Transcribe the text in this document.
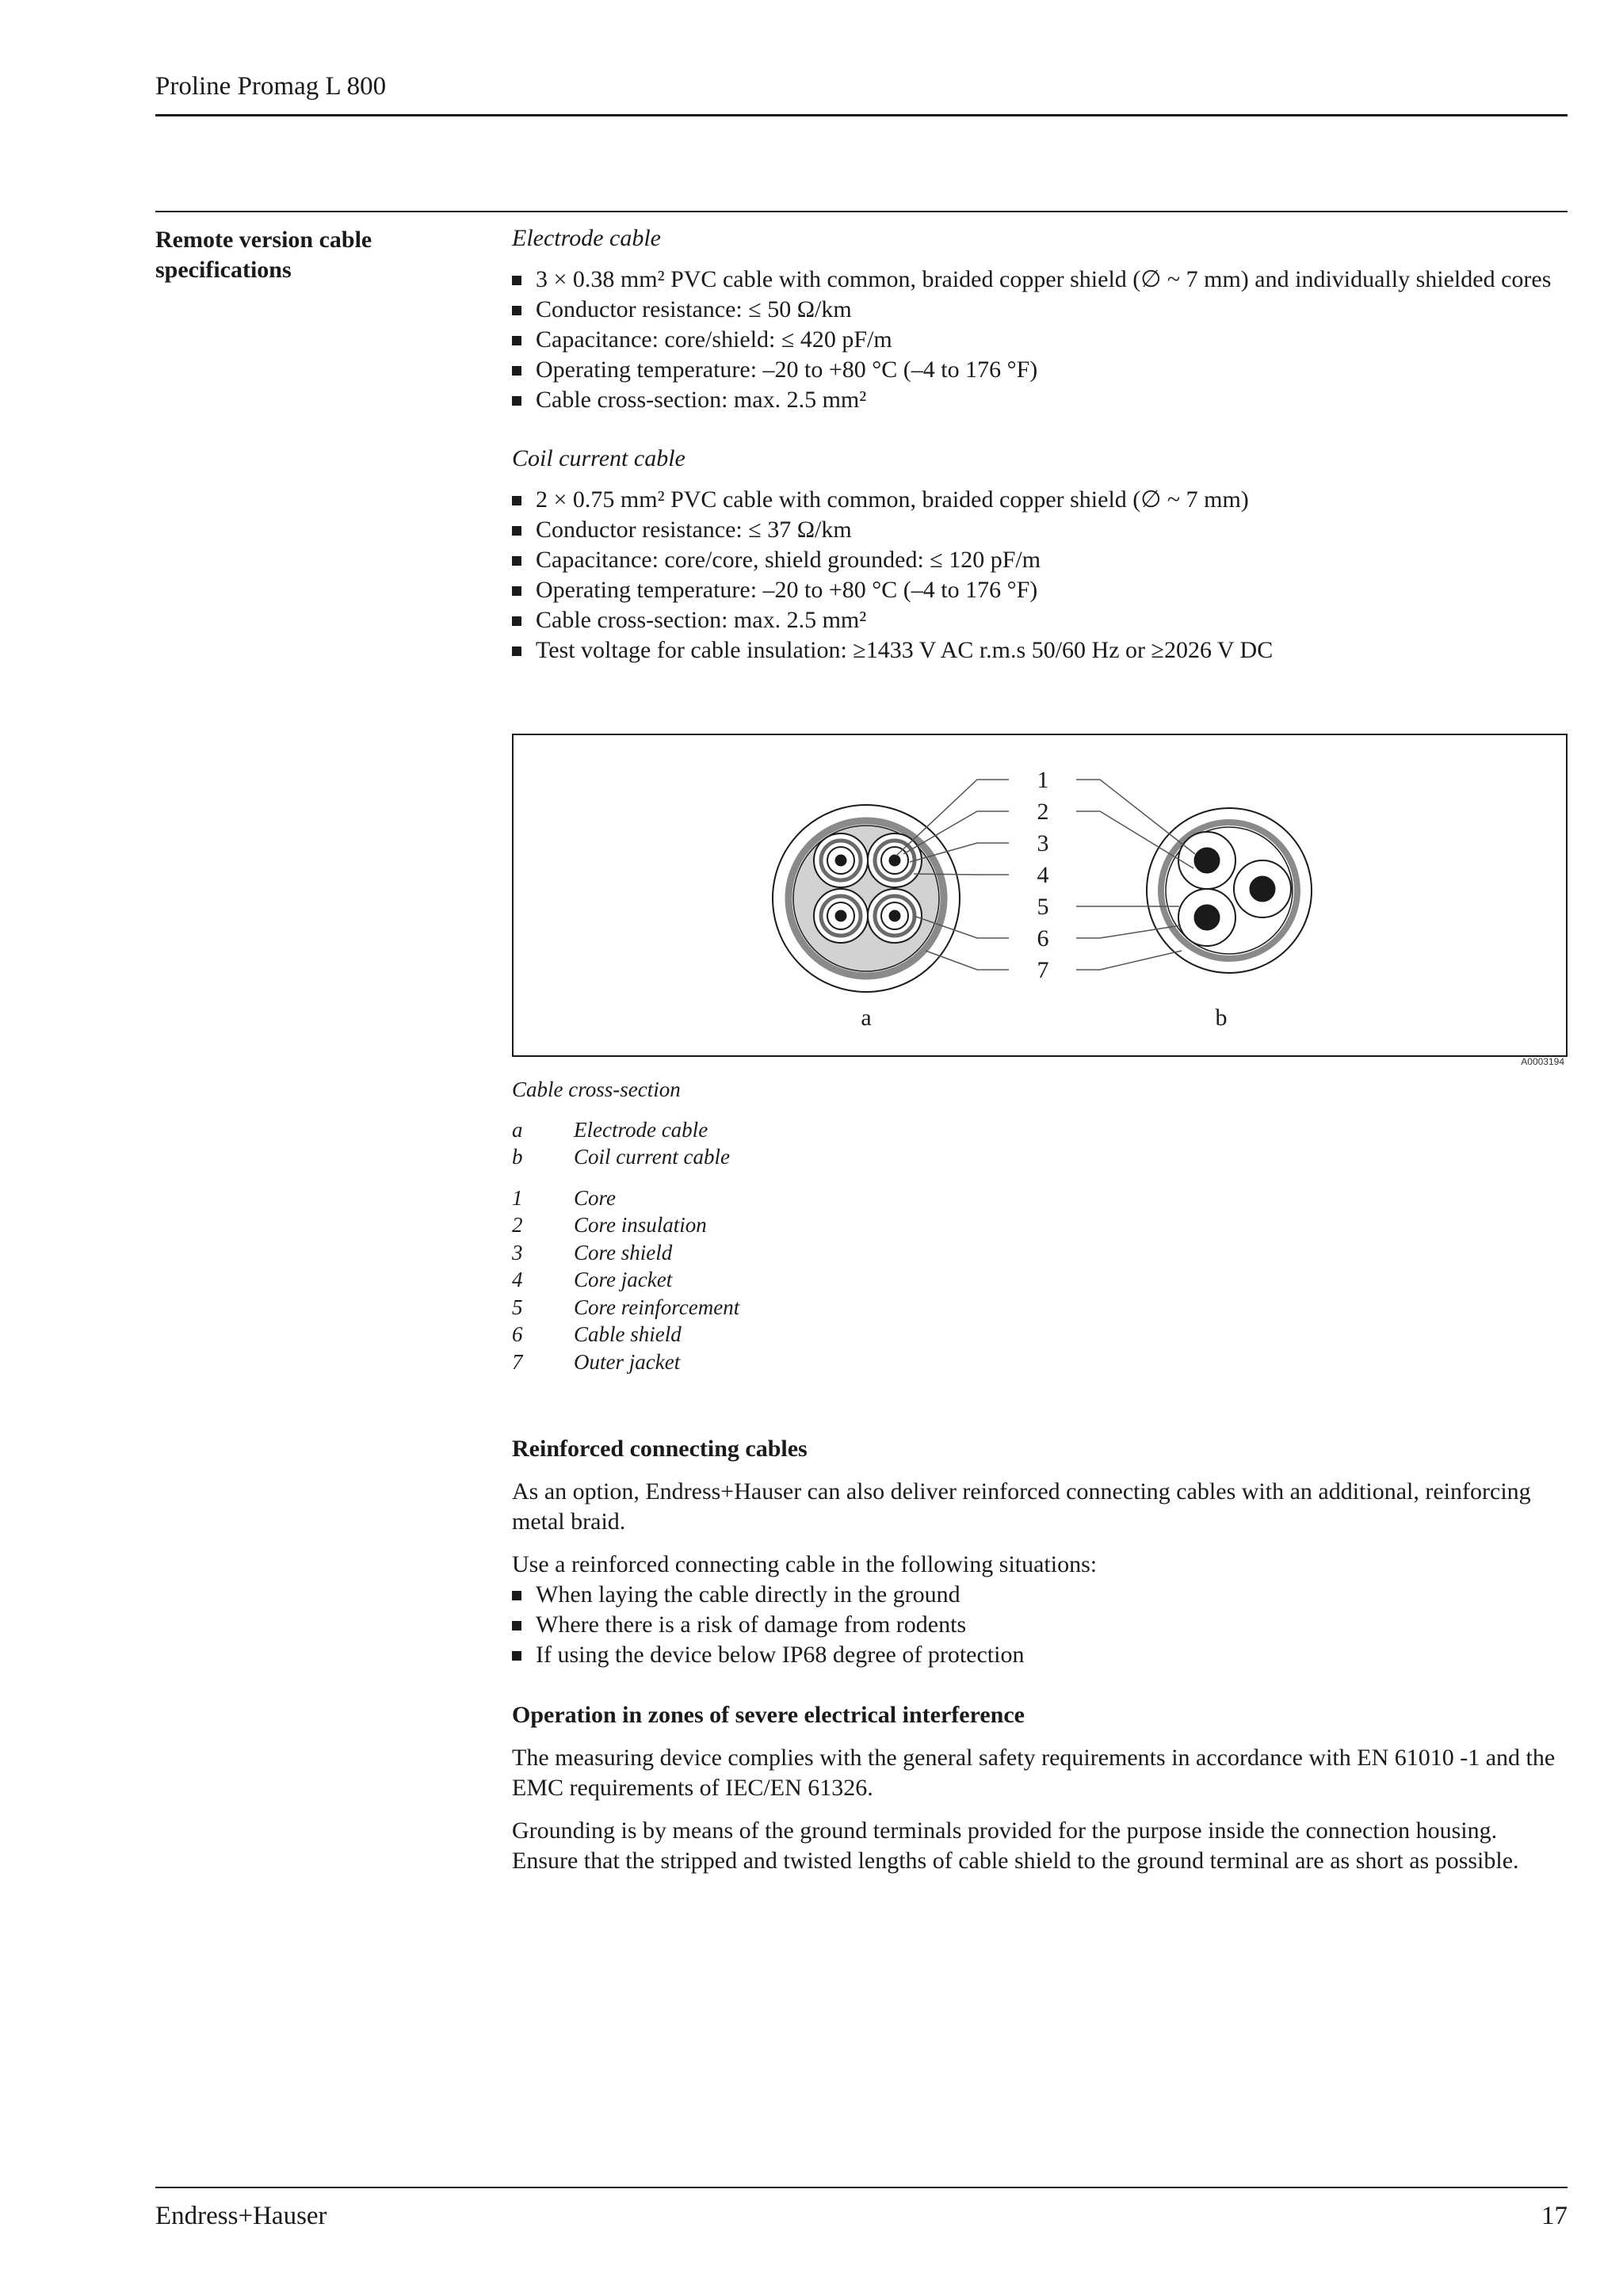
Proline Promag L 800
Remote version cable specifications
Electrode cable
3 × 0.38 mm² PVC cable with common, braided copper shield (∅ ~ 7 mm) and individually shielded cores
Conductor resistance: ≤ 50 Ω/km
Capacitance: core/shield: ≤ 420 pF/m
Operating temperature: –20 to +80 °C (–4 to 176 °F)
Cable cross-section: max. 2.5 mm²
Coil current cable
2 × 0.75 mm² PVC cable with common, braided copper shield (∅ ~ 7 mm)
Conductor resistance: ≤ 37 Ω/km
Capacitance: core/core, shield grounded: ≤ 120 pF/m
Operating temperature: –20 to +80 °C (–4 to 176 °F)
Cable cross-section: max. 2.5 mm²
Test voltage for cable insulation: ≥1433 V AC r.m.s 50/60 Hz or ≥2026 V DC
1
2
3
4
5
6
7
a	b
A0003194
Cable cross-section
a	Electrode cable
b	Coil current cable
1	Core
2	Core insulation
3	Core shield
4	Core jacket
5	Core reinforcement
6	Cable shield
7	Outer jacket
Reinforced connecting cables

As an option, Endress+Hauser can also deliver reinforced connecting cables with an additional, reinforcing metal braid.

Use a reinforced connecting cable in the following situations:

When laying the cable directly in the ground
Where there is a risk of damage from rodents
If using the device below IP68 degree of protection
Operation in zones of severe electrical interference

The measuring device complies with the general safety requirements in accordance with EN 61010 -1 and the EMC requirements of IEC/EN 61326.

Grounding is by means of the ground terminals provided for the purpose inside the connection housing. Ensure that the stripped and twisted lengths of cable shield to the ground terminal are as short as possible.

Endress+Hauser	17
